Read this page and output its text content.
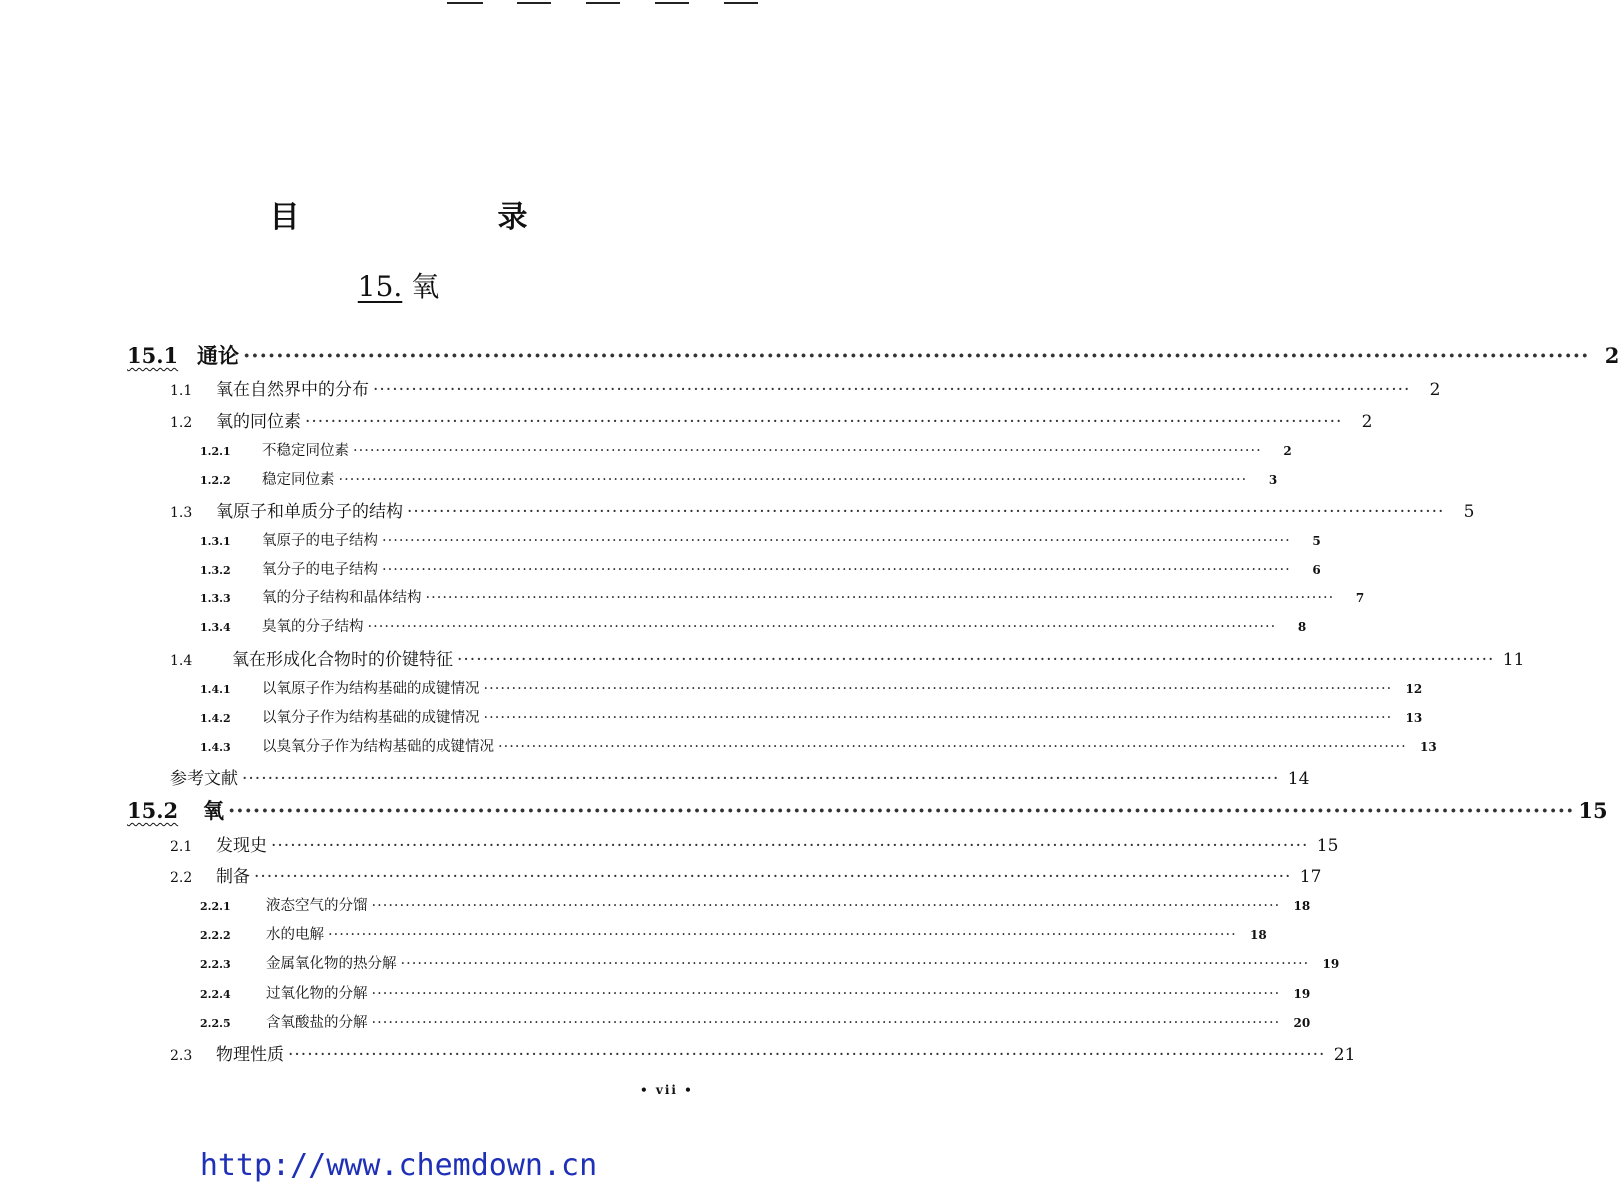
目　录
15. 氧
15.1 通论 ·····	2
1.1	氧在自然界中的分布 ·····	2
1.2	氧的同位素 ·····	2
1.2.1	不稳定同位素 ·····	2
1.2.2	稳定同位素 ·····	3
1.3	氧原子和单质分子的结构 ·····	5
1.3.1	氧原子的电子结构 ·····	5
1.3.2	氧分子的电子结构 ·····	6
1.3.3	氧的分子结构和晶体结构 ·····	7
1.3.4	臭氧的分子结构 ·····	8
1.4	氧在形成化合物时的价键特征 ·····	11
1.4.1	以氧原子作为结构基础的成键情况 ·····	12
1.4.2	以氧分子作为结构基础的成键情况 ·····	13
1.4.3	以臭氧分子作为结构基础的成键情况 ·····	13
参考文献 ·····	14
15.2	氧 ·····	15
2.1	发现史 ·····	15
2.2	制备 ·····	17
2.2.1	液态空气的分馏 ·····	18
2.2.2	水的电解 ·····	18
2.2.3	金属氧化物的热分解 ·····	19
2.2.4	过氧化物的分解 ·····	19
2.2.5	含氧酸盐的分解 ·····	20
2.3	物理性质 ·····	21
• vii •
http://www.chemdown.cn
